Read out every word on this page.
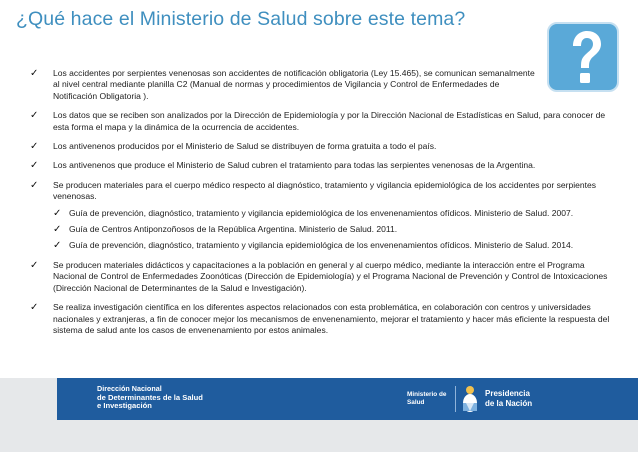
¿Qué hace el Ministerio de Salud sobre este tema?
✓ Los accidentes por serpientes venenosas son accidentes de notificación obligatoria (Ley 15.465), se comunican semanalmente al nivel central mediante planilla C2 (Manual de normas y procedimientos de Vigilancia y Control de Enfermedades de Notificación Obligatoria ).
✓ Los datos que se reciben son analizados por la Dirección de Epidemiología y por la Dirección Nacional de Estadísticas en Salud, para conocer de esta forma el mapa y la dinámica de la ocurrencia de accidentes.
✓ Los antivenenos producidos por el Ministerio de Salud se distribuyen de forma gratuita a todo el país.
✓ Los antivenenos que produce el Ministerio de Salud cubren el tratamiento para todas las serpientes venenosas de la Argentina.
✓ Se producen materiales para el cuerpo médico respecto al diagnóstico, tratamiento y vigilancia epidemiológica de los accidentes por serpientes venenosas.
✓ Guía de prevención, diagnóstico, tratamiento y vigilancia epidemiológica de los envenenamientos ofídicos. Ministerio de Salud. 2007.
✓ Guía de Centros Antiponzoñosos de la República Argentina. Ministerio de Salud. 2011.
✓ Guía de prevención, diagnóstico, tratamiento y vigilancia epidemiológica de los envenenamientos ofídicos. Ministerio de Salud. 2014.
✓ Se producen materiales didácticos y capacitaciones a la población en general y al cuerpo médico, mediante la interacción entre el Programa Nacional de Control de Enfermedades Zoonóticas (Dirección de Epidemiología) y el Programa Nacional de Prevención y Control de Intoxicaciones (Dirección Nacional de Determinantes de la Salud e Investigación).
✓ Se realiza investigación científica en los diferentes aspectos relacionados con esta problemática, en colaboración con centros y universidades nacionales y extranjeras, a fin de conocer mejor los mecanismos de envenenamiento, mejorar el tratamiento y hacer más eficiente la respuesta del sistema de salud ante los casos de envenenamiento por estos animales.
Dirección Nacional
de Determinantes de la Salud
e Investigación
Ministerio de
Salud
Presidencia
de la Nación
